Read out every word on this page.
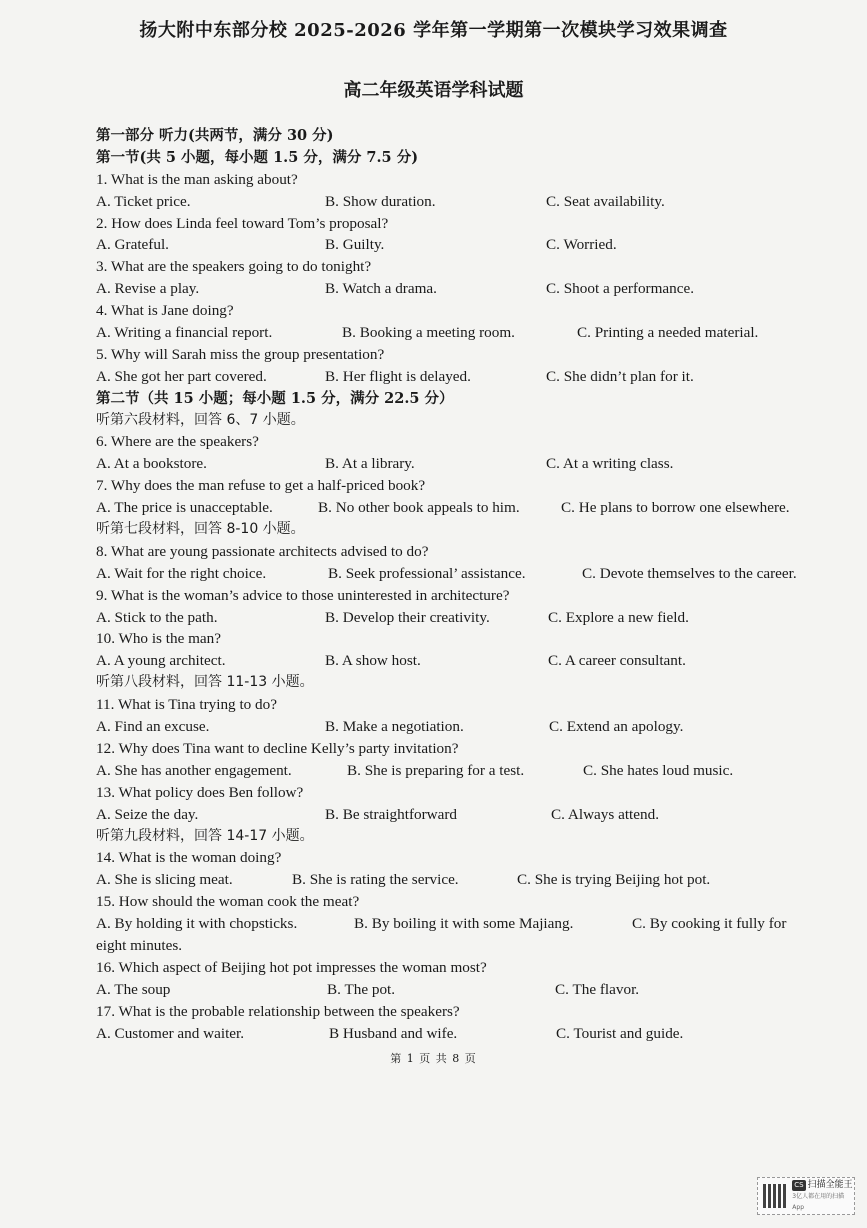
扬大附中东部分校 2025-2026 学年第一学期第一次模块学习效果调查
高二年级英语学科试题
第一部分 听力(共两节，满分 30 分)
第一节(共 5 小题，每小题 1.5 分，满分 7.5 分)
1. What is the man asking about?
A. Ticket price.	B. Show duration.	C. Seat availability.
2. How does Linda feel toward Tom’s proposal?
A. Grateful.	B. Guilty.	C. Worried.
3. What are the speakers going to do tonight?
A. Revise a play.	B. Watch a drama.	C. Shoot a performance.
4. What is Jane doing?
A. Writing a financial report.	B. Booking a meeting room.	C. Printing a needed material.
5. Why will Sarah miss the group presentation?
A. She got her part covered.	B. Her flight is delayed.	C. She didn’t plan for it.
第二节（共 15 小题；每小题 1.5 分，满分 22.5 分）
听第六段材料，回答 6、7 小题。
6. Where are the speakers?
A. At a bookstore.	B. At a library.	C. At a writing class.
7. Why does the man refuse to get a half-priced book?
A. The price is unacceptable.	B. No other book appeals to him.	C. He plans to borrow one elsewhere.
听第七段材料，回答 8-10 小题。
8. What are young passionate architects advised to do?
A. Wait for the right choice.	B. Seek professional’ assistance.	C. Devote themselves to the career.
9. What is the woman’s advice to those uninterested in architecture?
A. Stick to the path.	B. Develop their creativity.	C. Explore a new field.
10. Who is the man?
A. A young architect.	B. A show host.	C. A career consultant.
听第八段材料，回答 11-13 小题。
11. What is Tina trying to do?
A. Find an excuse.	B. Make a negotiation.	C. Extend an apology.
12. Why does Tina want to decline Kelly’s party invitation?
A. She has another engagement.	B. She is preparing for a test.	C. She hates loud music.
13. What policy does Ben follow?
A. Seize the day.	B. Be straightforward	C. Always attend.
听第九段材料，回答 14-17 小题。
14. What is the woman doing?
A. She is slicing meat.	B. She is rating the service.	C. She is trying Beijing hot pot.
15. How should the woman cook the meat?
A. By holding it with chopsticks.	B. By boiling it with some Majiang.	C. By cooking it fully for
eight minutes.
16. Which aspect of Beijing hot pot impresses the woman most?
A. The soup	B. The pot.	C. The flavor.
17. What is the probable relationship between the speakers?
A. Customer and waiter.	B Husband and wife.	C. Tourist and guide.
第 1 页 共 8 页
CS 扫描全能王
3亿人都在用的扫描App
